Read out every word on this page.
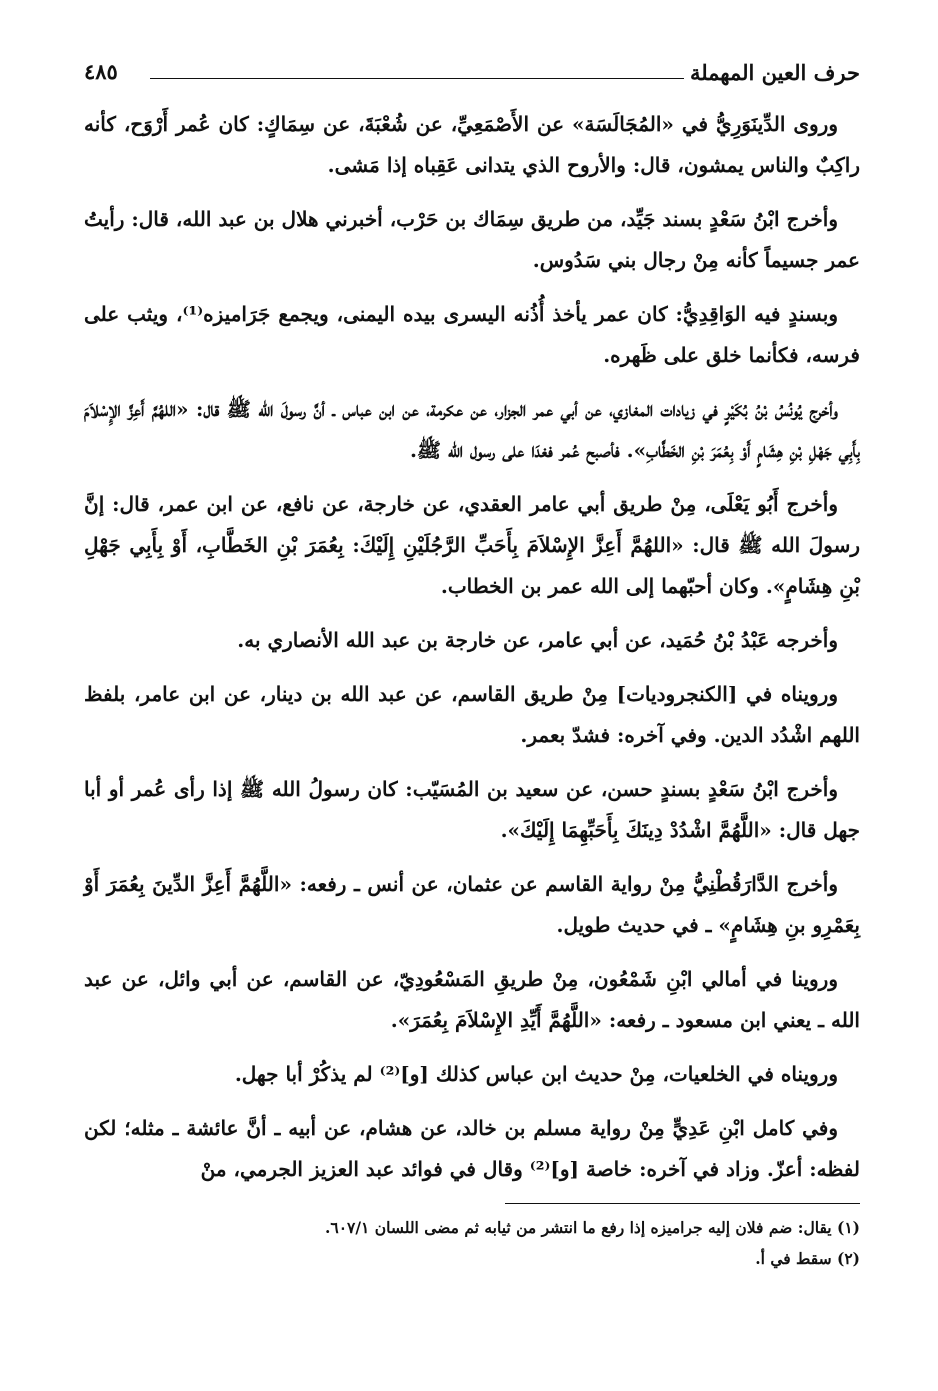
حرف العين المهملة
٤٨٥

وروى الدِّينَوَرِيُّ في «المُجَالَسَة» عن الأَصْمَعِيِّ، عن شُعْبَةَ، عن سِمَاكٍ: كان عُمر أَرْوَح، كأنه راكِبٌ والناس يمشون، قال: والأروح الذي يتدانى عَقِباه إذا مَشى.

وأخرج ابْنُ سَعْدٍ بسند جَيِّد، من طريق سِمَاك بن حَرْب، أخبرني هلال بن عبد الله، قال: رأيتُ عمر جسيماً كأنه مِنْ رجال بني سَدُوس.

وبسندٍ فيه الوَاقِدِيُّ: كان عمر يأخذ أُذُنه اليسرى بيده اليمنى، ويجمع جَرَاميزه⁽¹⁾، ويثب على فرسه، فكأنما خلق على ظَهره.

وأخرج يُونُسُ بْنُ بُكَيْرٍ في زيادات المغازي، عن أبي عمر الجزار، عن عكرمة، عن ابن عباس ـ أنَّ رسولَ الله ﷺ قال: «اللهُمَّ أَعِزَّ الإِسْلاَمَ بِأَبِي جَهْلِ بْنِ هِشَامٍ أَوْ بِعُمَرَ بْنِ الخَطَّابِ». فأصبح عُمر فغدَا على رسول الله ﷺ.

وأخرج أَبُو يَعْلَى، مِنْ طريق أبي عامر العقدي، عن خارجة، عن نافع، عن ابن عمر، قال: إنَّ رسولَ الله ﷺ قال: «اللهُمَّ أَعِزَّ الإِسْلاَمَ بِأَحَبِّ الرَّجُلَيْنِ إِلَيْكَ: بِعُمَرَ بْنِ الخَطَّابِ، أَوْ بِأَبِي جَهْلِ بْنِ هِشَامٍ». وكان أحبّهما إلى الله عمر بن الخطاب.

وأخرجه عَبْدُ بْنُ حُمَيد، عن أبي عامر، عن خارجة بن عبد الله الأنصاري به.

ورويناه في [الكنجروديات] مِنْ طريق القاسم، عن عبد الله بن دينار، عن ابن عامر، بلفظ اللهم اشْدُد الدين. وفي آخره: فشدّ بعمر.

وأخرج ابْنُ سَعْدٍ بسندٍ حسن، عن سعيد بن المُسَيّب: كان رسولُ الله ﷺ إذا رأى عُمر أو أبا جهل قال: «اللَّهُمَّ اشْدُدْ دِينَكَ بِأَحَبِّهِمَا إِلَيْكَ».

وأخرج الدَّارَقُطْنِيُّ مِنْ رواية القاسم عن عثمان، عن أنس ـ رفعه: «اللَّهُمَّ أَعِزَّ الدِّينَ بِعُمَرَ أَوْ بِعَمْرِو بنِ هِشَامٍ» ـ في حديث طويل.

وروينا في أمالي ابْنِ شَمْعُون، مِنْ طريقِ المَسْعُودِيّ، عن القاسم، عن أبي وائل، عن عبد الله ـ يعني ابن مسعود ـ رفعه: «اللَّهُمَّ أَيِّدِ الإِسْلاَمَ بِعُمَرَ».

ورويناه في الخلعيات، مِنْ حديث ابن عباس كذلك [و]⁽²⁾ لم يذكُرْ أبا جهل.

وفي كامل ابْنِ عَدِيٍّ مِنْ رواية مسلم بن خالد، عن هشام، عن أبيه ـ أنَّ عائشة ـ مثله؛ لكن لفظه: أعزّ. وزاد في آخره: خاصة [و]⁽²⁾ وقال في فوائد عبد العزيز الجرمي، منْ

(١) يقال: ضم فلان إليه جراميزه إذا رفع ما انتشر من ثيابه ثم مضى اللسان ٦٠٧/١.

(٢) سقط في أ.
